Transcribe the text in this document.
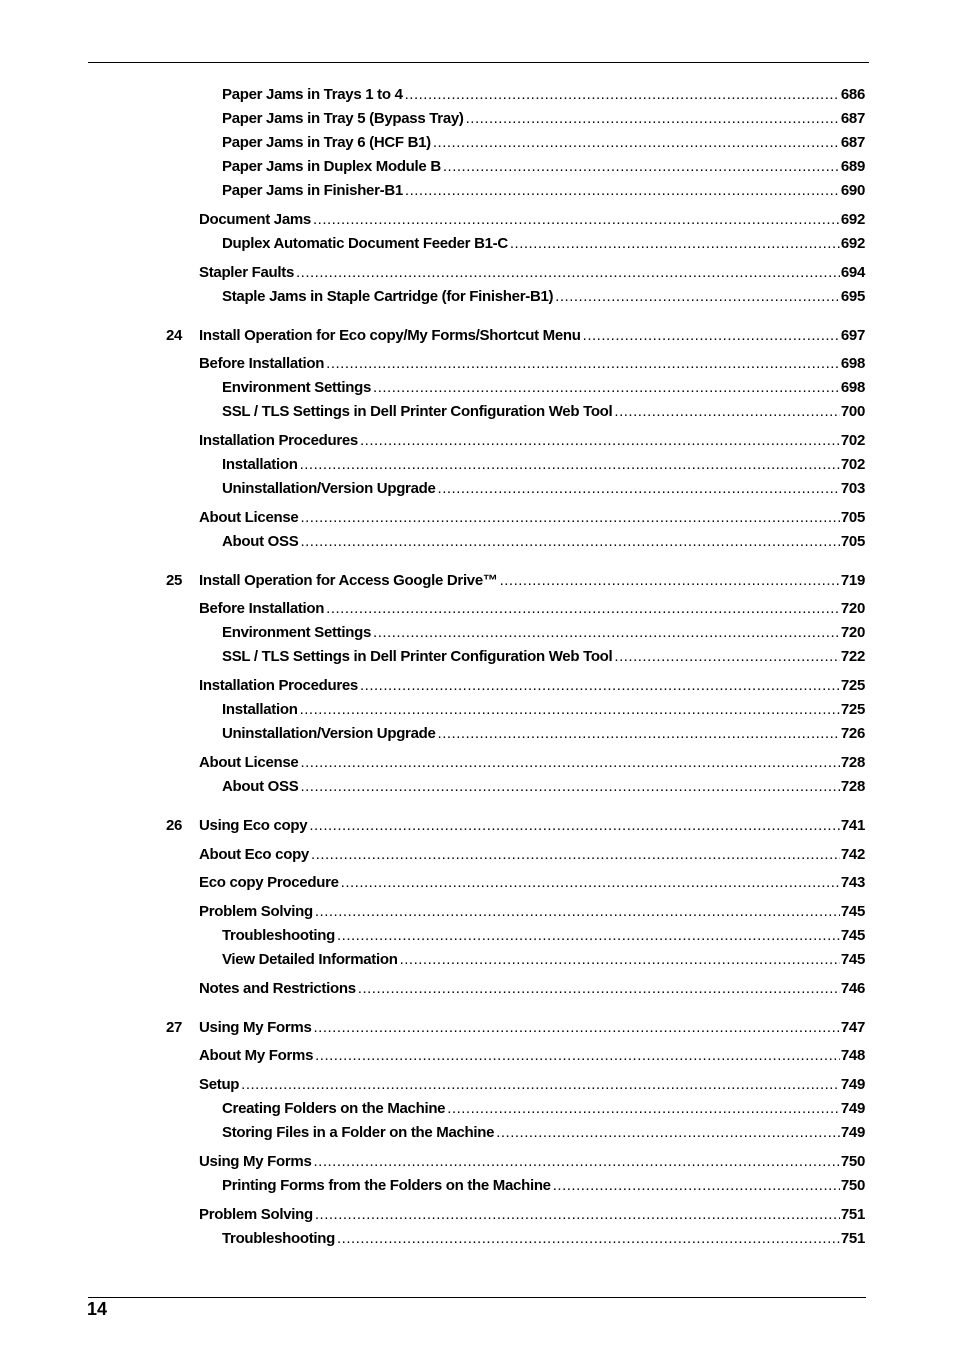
Paper Jams in Trays 1 to 4 .....	686
Paper Jams in Tray 5 (Bypass Tray) .....	687
Paper Jams in Tray 6 (HCF B1) .....	687
Paper Jams in Duplex Module B .....	689
Paper Jams in Finisher-B1 .....	690
Document Jams .....	692
Duplex Automatic Document Feeder B1-C .....	692
Stapler Faults .....	694
Staple Jams in Staple Cartridge (for Finisher-B1) .....	695
24 Install Operation for Eco copy/My Forms/Shortcut Menu .....	697
Before Installation .....	698
Environment Settings .....	698
SSL / TLS Settings in Dell Printer Configuration Web Tool .....	700
Installation Procedures .....	702
Installation .....	702
Uninstallation/Version Upgrade .....	703
About License .....	705
About OSS .....	705
25 Install Operation for Access Google Drive™ .....	719
Before Installation .....	720
Environment Settings .....	720
SSL / TLS Settings in Dell Printer Configuration Web Tool .....	722
Installation Procedures .....	725
Installation .....	725
Uninstallation/Version Upgrade .....	726
About License .....	728
About OSS .....	728
26 Using Eco copy .....	741
About Eco copy .....	742
Eco copy Procedure .....	743
Problem Solving .....	745
Troubleshooting .....	745
View Detailed Information .....	745
Notes and Restrictions .....	746
27 Using My Forms .....	747
About My Forms .....	748
Setup .....	749
Creating Folders on the Machine .....	749
Storing Files in a Folder on the Machine .....	749
Using My Forms .....	750
Printing Forms from the Folders on the Machine .....	750
Problem Solving .....	751
Troubleshooting .....	751
14
